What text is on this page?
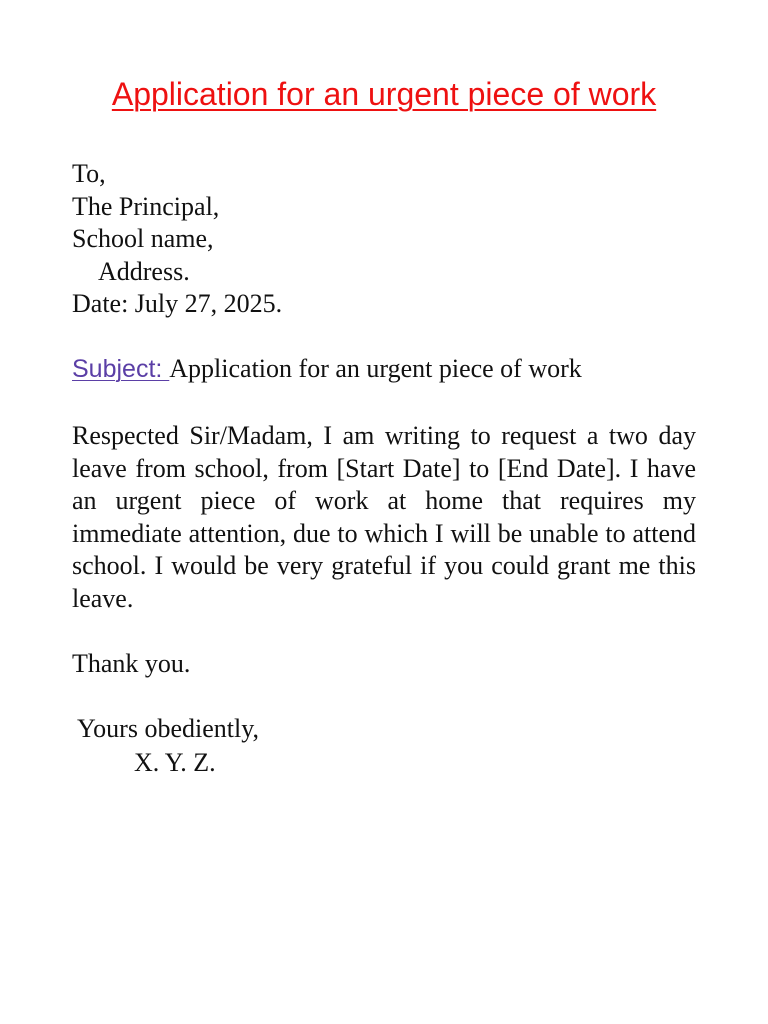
Application for an urgent piece of work
To,
The Principal,
School name,
Address.
Date: July 27, 2025.
Subject: Application for an urgent piece of work

Respected Sir/Madam, I am writing to request a two day leave from school, from [Start Date] to [End Date]. I have an urgent piece of work at home that requires my immediate attention, due to which I will be unable to attend school. I would be very grateful if you could grant me this leave.

Thank you.
Yours obediently,
X. Y. Z.
